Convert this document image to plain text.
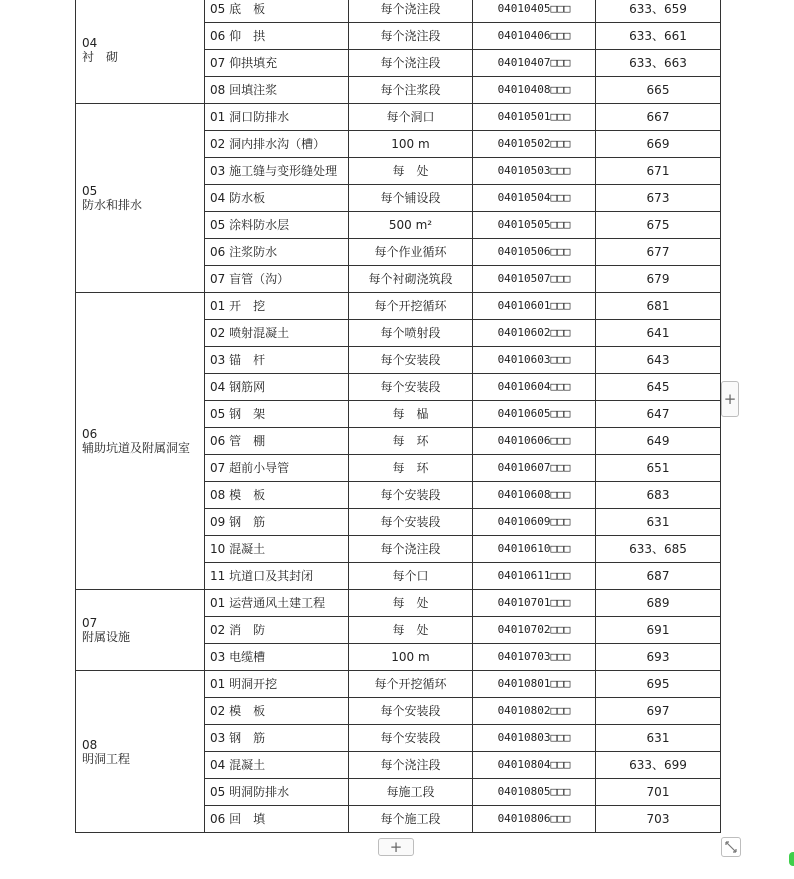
04
衬　砌	05 底　板	每个浇注段	04010405□□□	633、659
	06 仰　拱	每个浇注段	04010406□□□	633、661
	07 仰拱填充	每个浇注段	04010407□□□	633、663
	08 回填注浆	每个注浆段	04010408□□□	665

05
防水和排水	01 洞口防排水	每个洞口	04010501□□□	667
	02 洞内排水沟（槽）	100 m	04010502□□□	669
	03 施工缝与变形缝处理	每　处	04010503□□□	671
	04 防水板	每个铺设段	04010504□□□	673
	05 涂料防水层	500 m²	04010505□□□	675
	06 注浆防水	每个作业循环	04010506□□□	677
	07 盲管（沟）	每个衬砌浇筑段	04010507□□□	679

06
辅助坑道及附属洞室	01 开　挖	每个开挖循环	04010601□□□	681
	02 喷射混凝土	每个喷射段	04010602□□□	641
	03 锚　杆	每个安装段	04010603□□□	643
	04 钢筋网	每个安装段	04010604□□□	645
	05 钢　架	每　榀	04010605□□□	647
	06 管　棚	每　环	04010606□□□	649
	07 超前小导管	每　环	04010607□□□	651
	08 模　板	每个安装段	04010608□□□	683
	09 钢　筋	每个安装段	04010609□□□	631
	10 混凝土	每个浇注段	04010610□□□	633、685
	11 坑道口及其封闭	每个口	04010611□□□	687

07
附属设施	01 运营通风土建工程	每　处	04010701□□□	689
	02 消　防	每　处	04010702□□□	691
	03 电缆槽	100 m	04010703□□□	693

08
明洞工程	01 明洞开挖	每个开挖循环	04010801□□□	695
	02 模　板	每个安装段	04010802□□□	697
	03 钢　筋	每个安装段	04010803□□□	631
	04 混凝土	每个浇注段	04010804□□□	633、699
	05 明洞防排水	每施工段	04010805□□□	701
	06 回　填	每个施工段	04010806□□□	703
+
+
